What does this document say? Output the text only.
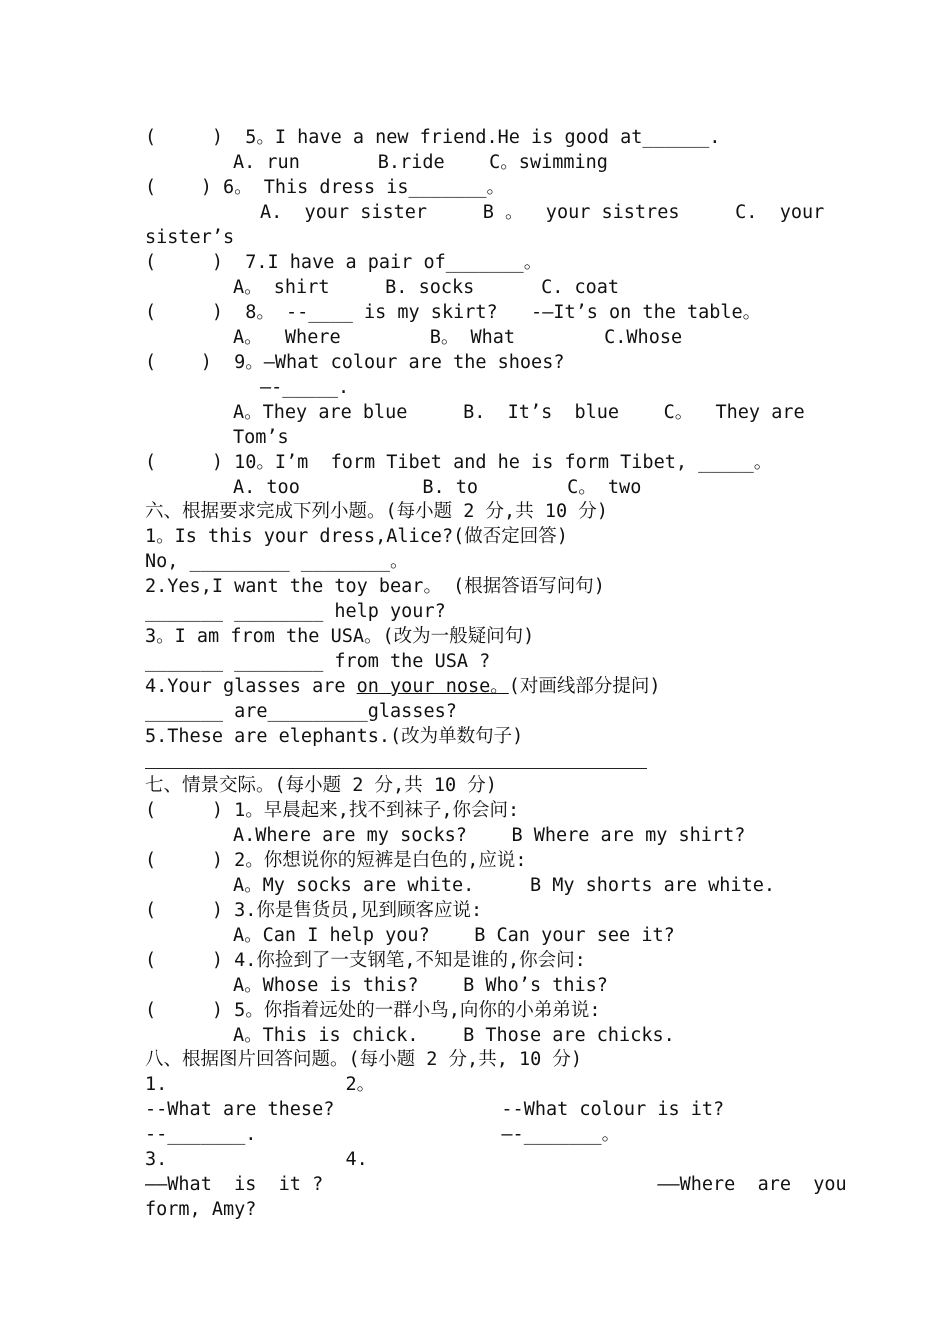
(     )  5。I have a new friend.He is good at______.
A. run       B.ride    C。swimming
(    ) 6。 This dress is_______。
A.  your sister     B 。  your sistres     C.  your
sister’s
(     )  7.I have a pair of_______。
A。 shirt     B. socks      C. coat
(     )  8。 --____ is my skirt?   -—It’s on the table。
A。  Where        B。 What        C.Whose
(    )  9。—What colour are the shoes?
—-_____.
A。They are blue     B.  It’s  blue    C。  They are
Tom’s
(     ) 10。I’m  form Tibet and he is form Tibet, _____。
A. too           B. to        C。 two
六、根据要求完成下列小题。(每小题 2 分,共 10 分)
1。Is this your dress,Alice?(做否定回答)
No, _________ ________。
2.Yes,I want the toy bear。 (根据答语写问句)
_______ ________ help your?
3。I am from the USA。(改为一般疑问句)
_______ ________ from the USA ?
4.Your glasses are on your nose。(对画线部分提问)
_______ are_________glasses?
5.These are elephants.(改为单数句子)
七、情景交际。(每小题 2 分,共 10 分)
(     ) 1。早晨起来,找不到袜子,你会问:
A.Where are my socks?    B Where are my shirt?
(     ) 2。你想说你的短裤是白色的,应说:
A。My socks are white.     B My shorts are white.
(     ) 3.你是售货员,见到顾客应说:
A。Can I help you?    B Can your see it?
(     ) 4.你捡到了一支钢笔,不知是谁的,你会问:
A。Whose is this?    B Who’s this?
(     ) 5。你指着远处的一群小鸟,向你的小弟弟说:
A。This is chick.    B Those are chicks.
八、根据图片回答问题。(每小题 2 分,共, 10 分)
1.                2。
--What are these?               --What colour is it?
--_______.                      —-_______。
3.                4.
——What  is  it ?                              ——Where  are  you
form, Amy?
